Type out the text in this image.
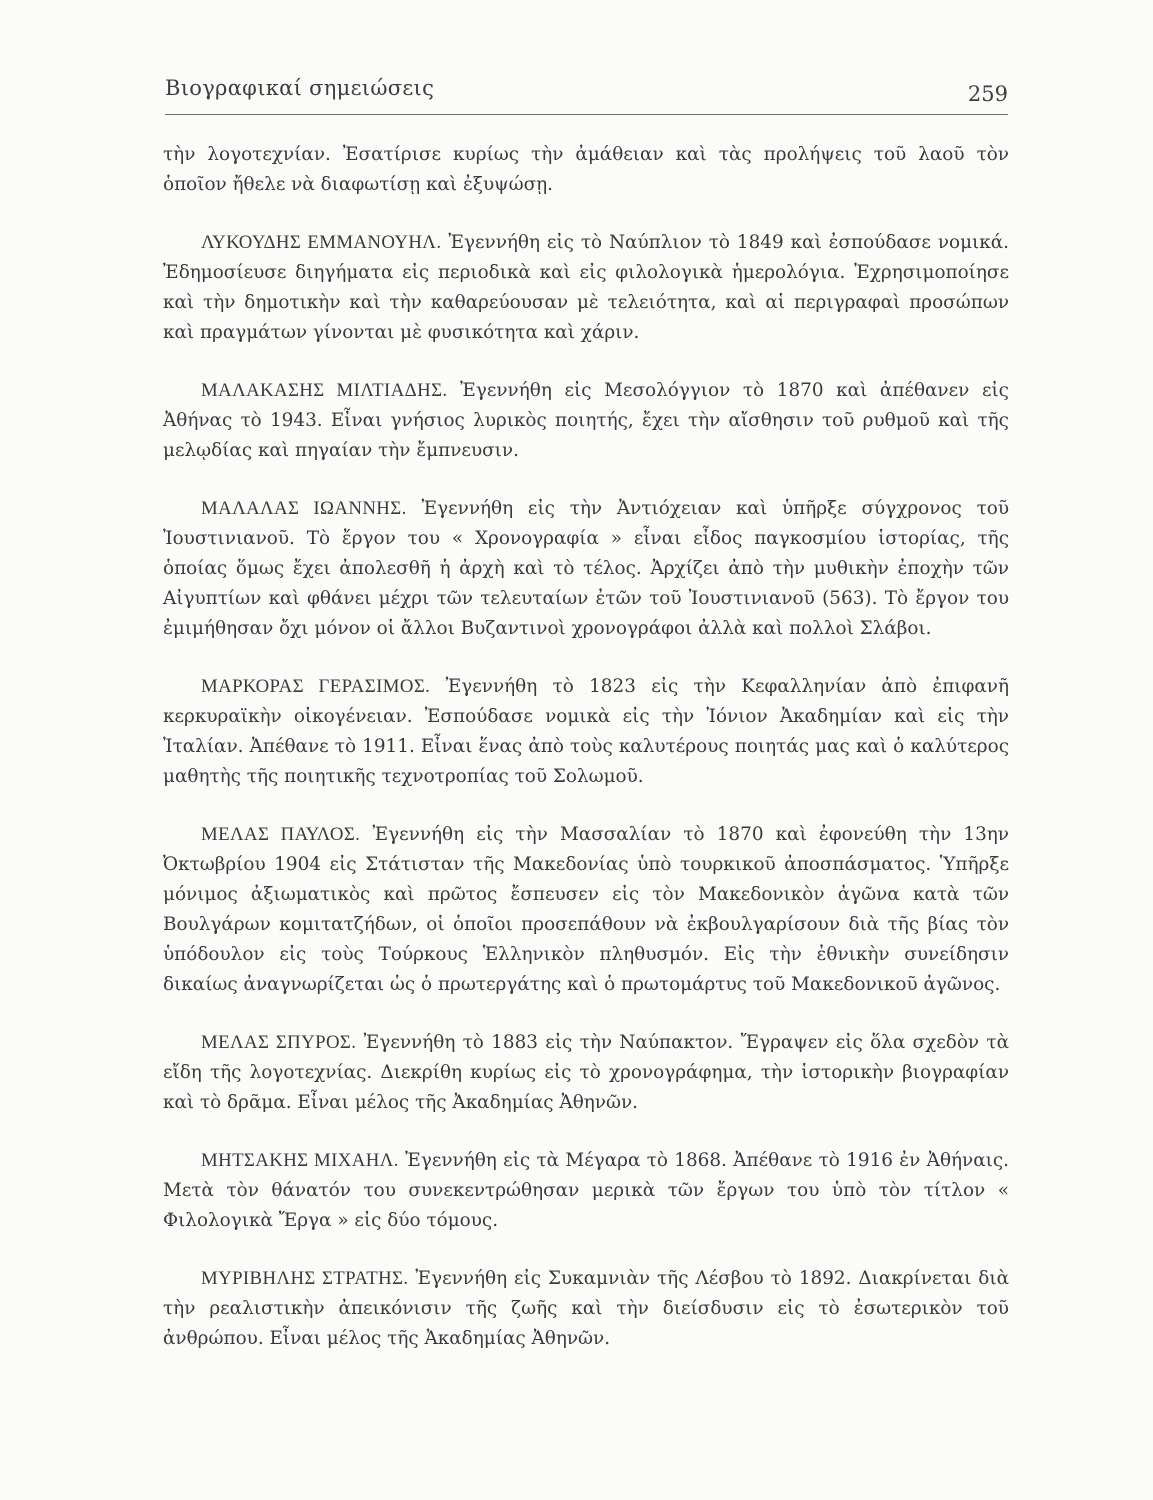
Βιογραφικαί σημειώσεις	259

τὴν λογοτεχνίαν. Ἐσατίρισε κυρίως τὴν ἀμάθειαν καὶ τὰς προλήψεις τοῦ λαοῦ τὸν ὁποῖον ἤθελε νὰ διαφωτίσῃ καὶ ἐξυψώσῃ.

ΛΥΚΟΥΔΗΣ ΕΜΜΑΝΟΥΗΛ. Ἐγεννήθη εἰς τὸ Ναύπλιον τὸ 1849 καὶ ἐσπούδασε νομικά. Ἐδημοσίευσε διηγήματα εἰς περιοδικὰ καὶ εἰς φιλολογικὰ ἡμερολόγια. Ἐχρησιμοποίησε καὶ τὴν δημοτικὴν καὶ τὴν καθαρεύουσαν μὲ τελειότητα, καὶ αἱ περιγραφαὶ προσώπων καὶ πραγμάτων γίνονται μὲ φυσικότητα καὶ χάριν.

ΜΑΛΑΚΑΣΗΣ ΜΙΛΤΙΑΔΗΣ. Ἐγεννήθη εἰς Μεσολόγγιον τὸ 1870 καὶ ἀπέθανεν εἰς Ἀθήνας τὸ 1943. Εἶναι γνήσιος λυρικὸς ποιητής, ἔχει τὴν αἴσθησιν τοῦ ρυθμοῦ καὶ τῆς μελῳδίας καὶ πηγαίαν τὴν ἔμπνευσιν.

ΜΑΛΑΛΑΣ ΙΩΑΝΝΗΣ. Ἐγεννήθη εἰς τὴν Ἀντιόχειαν καὶ ὑπῆρξε σύγχρονος τοῦ Ἰουστινιανοῦ. Τὸ ἔργον του « Χρονογραφία » εἶναι εἶδος παγκοσμίου ἱστορίας, τῆς ὁποίας ὅμως ἔχει ἀπολεσθῆ ἡ ἀρχὴ καὶ τὸ τέλος. Ἀρχίζει ἀπὸ τὴν μυθικὴν ἐποχὴν τῶν Αἰγυπτίων καὶ φθάνει μέχρι τῶν τελευταίων ἐτῶν τοῦ Ἰουστινιανοῦ (563). Τὸ ἔργον του ἐμιμήθησαν ὄχι μόνον οἱ ἄλλοι Βυζαντινοὶ χρονογράφοι ἀλλὰ καὶ πολλοὶ Σλάβοι.

ΜΑΡΚΟΡΑΣ ΓΕΡΑΣΙΜΟΣ. Ἐγεννήθη τὸ 1823 εἰς τὴν Κεφαλληνίαν ἀπὸ ἐπιφανῆ κερκυραϊκὴν οἰκογένειαν. Ἐσπούδασε νομικὰ εἰς τὴν Ἰόνιον Ἀκαδημίαν καὶ εἰς τὴν Ἰταλίαν. Ἀπέθανε τὸ 1911. Εἶναι ἕνας ἀπὸ τοὺς καλυτέρους ποιητάς μας καὶ ὁ καλύτερος μαθητὴς τῆς ποιητικῆς τεχνοτροπίας τοῦ Σολωμοῦ.

ΜΕΛΑΣ ΠΑΥΛΟΣ. Ἐγεννήθη εἰς τὴν Μασσαλίαν τὸ 1870 καὶ ἐφονεύθη τὴν 13ην Ὀκτωβρίου 1904 εἰς Στάτισταν τῆς Μακεδονίας ὑπὸ τουρκικοῦ ἀποσπάσματος. Ὑπῆρξε μόνιμος ἀξιωματικὸς καὶ πρῶτος ἔσπευσεν εἰς τὸν Μακεδονικὸν ἀγῶνα κατὰ τῶν Βουλγάρων κομιτατζήδων, οἱ ὁποῖοι προσεπάθουν νὰ ἐκβουλγαρίσουν διὰ τῆς βίας τὸν ὑπόδουλον εἰς τοὺς Τούρκους Ἑλληνικὸν πληθυσμόν. Εἰς τὴν ἐθνικὴν συνείδησιν δικαίως ἀναγνωρίζεται ὡς ὁ πρωτεργάτης καὶ ὁ πρωτομάρτυς τοῦ Μακεδονικοῦ ἀγῶνος.

ΜΕΛΑΣ ΣΠΥΡΟΣ. Ἐγεννήθη τὸ 1883 εἰς τὴν Ναύπακτον. Ἔγραψεν εἰς ὅλα σχεδὸν τὰ εἴδη τῆς λογοτεχνίας. Διεκρίθη κυρίως εἰς τὸ χρονογράφημα, τὴν ἱστορικὴν βιογραφίαν καὶ τὸ δρᾶμα. Εἶναι μέλος τῆς Ἀκαδημίας Ἀθηνῶν.

ΜΗΤΣΑΚΗΣ ΜΙΧΑΗΛ. Ἐγεννήθη εἰς τὰ Μέγαρα τὸ 1868. Ἀπέθανε τὸ 1916 ἐν Ἀθήναις. Μετὰ τὸν θάνατόν του συνεκεντρώθησαν μερικὰ τῶν ἔργων του ὑπὸ τὸν τίτλον « Φιλολογικὰ Ἔργα » εἰς δύο τόμους.

ΜΥΡΙΒΗΛΗΣ ΣΤΡΑΤΗΣ. Ἐγεννήθη εἰς Συκαμνιὰν τῆς Λέσβου τὸ 1892. Διακρίνεται διὰ τὴν ρεαλιστικὴν ἀπεικόνισιν τῆς ζωῆς καὶ τὴν διείσδυσιν εἰς τὸ ἐσωτερικὸν τοῦ ἀνθρώπου. Εἶναι μέλος τῆς Ἀκαδημίας Ἀθηνῶν.
